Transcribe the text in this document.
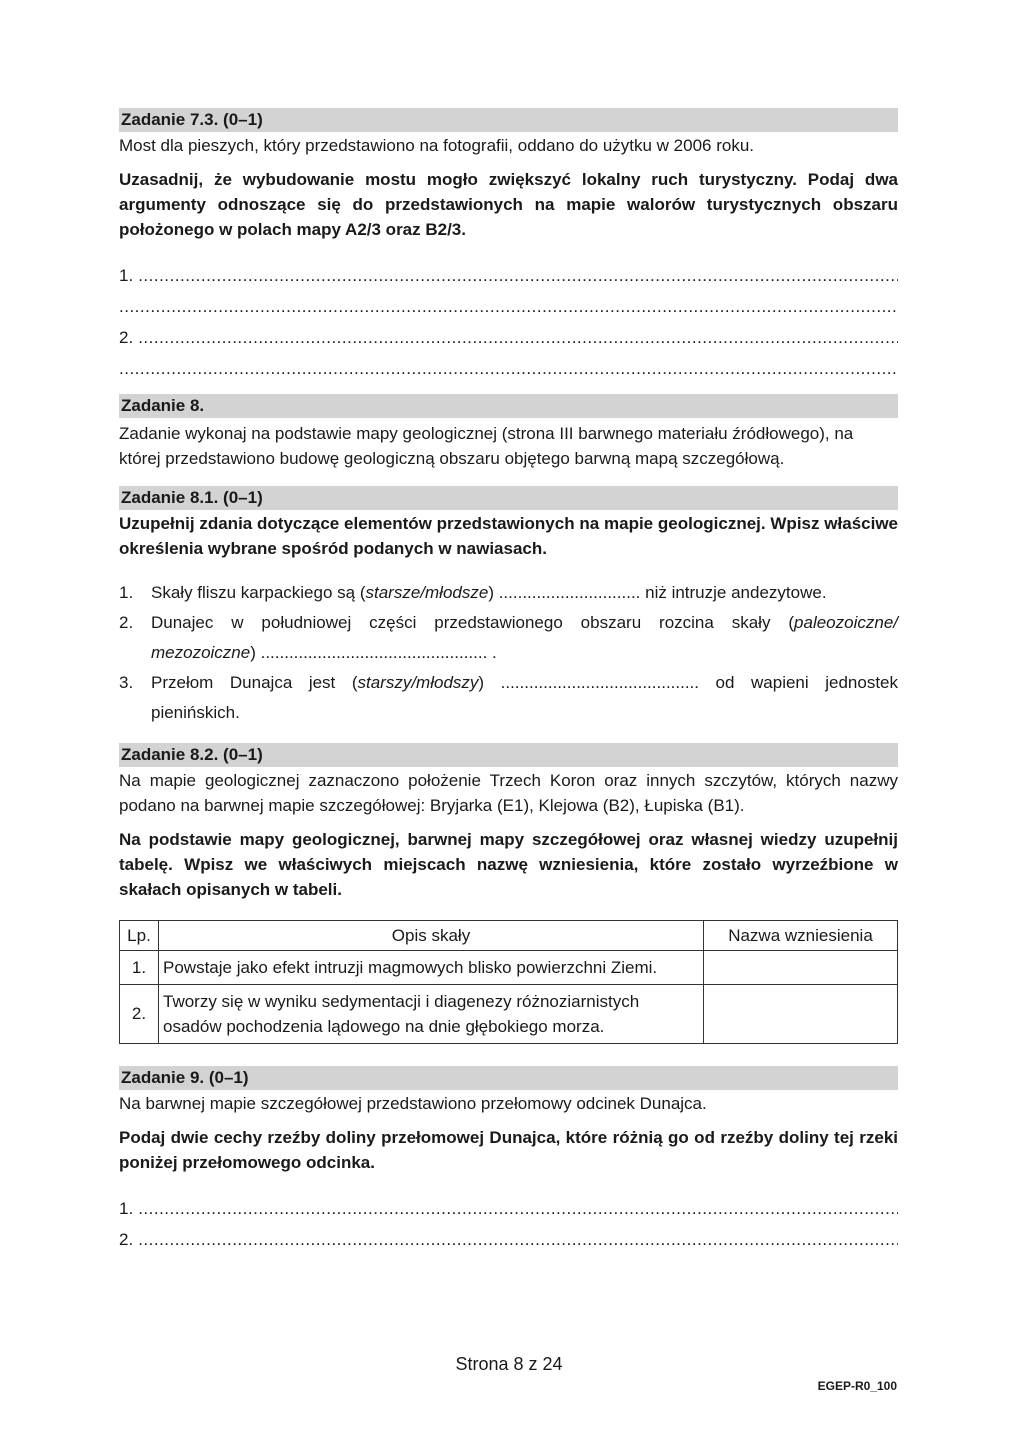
Zadanie 7.3. (0–1)

Most dla pieszych, który przedstawiono na fotografii, oddano do użytku w 2006 roku.

Uzasadnij, że wybudowanie mostu mogło zwiększyć lokalny ruch turystyczny. Podaj dwa argumenty odnoszące się do przedstawionych na mapie walorów turystycznych obszaru położonego w polach mapy A2/3 oraz B2/3.

1.
.....
.....
2.
.....
.....
Zadanie 8.

Zadanie wykonaj na podstawie mapy geologicznej (strona III barwnego materiału źródłowego), na której przedstawiono budowę geologiczną obszaru objętego barwną mapą szczegółową.

Zadanie 8.1. (0–1)

Uzupełnij zdania dotyczące elementów przedstawionych na mapie geologicznej. Wpisz właściwe określenia wybrane spośród podanych w nawiasach.

1.	Skały fliszu karpackiego są (starsze/młodsze) .............................. niż intruzje andezytowe.
2.	Dunajec w południowej części przedstawionego obszaru rozcina skały (paleozoiczne/ mezozoiczne) ................................................ .
3.	Przełom Dunajca jest (starszy/młodszy) .......................................... od wapieni jednostek pienińskich.
Zadanie 8.2. (0–1)

Na mapie geologicznej zaznaczono położenie Trzech Koron oraz innych szczytów, których nazwy podano na barwnej mapie szczegółowej: Bryjarka (E1), Klejowa (B2), Łupiska (B1).

Na podstawie mapy geologicznej, barwnej mapy szczegółowej oraz własnej wiedzy uzupełnij tabelę. Wpisz we właściwych miejscach nazwę wzniesienia, które zostało wyrzeźbione w skałach opisanych w tabeli.

Lp.	Opis skały	Nazwa wzniesienia
1.	Powstaje jako efekt intruzji magmowych blisko powierzchni Ziemi.	
2.	Tworzy się w wyniku sedymentacji i diagenezy różnoziarnistych osadów pochodzenia lądowego na dnie głębokiego morza.	
Zadanie 9. (0–1)

Na barwnej mapie szczegółowej przedstawiono przełomowy odcinek Dunajca.

Podaj dwie cechy rzeźby doliny przełomowej Dunajca, które różnią go od rzeźby doliny tej rzeki poniżej przełomowego odcinka.

1.
.....
2.
.....
Strona 8 z 24
EGEP-R0_100
